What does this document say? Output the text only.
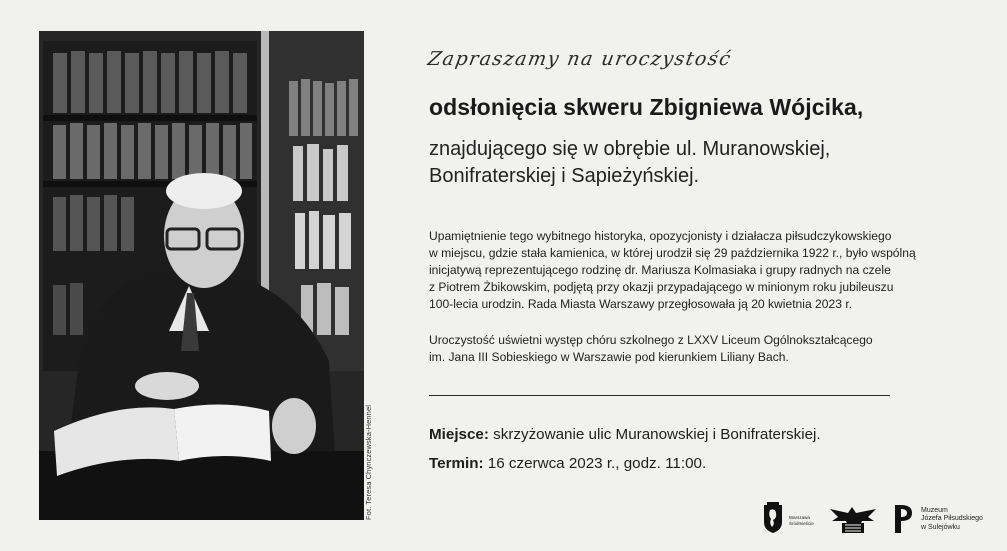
Fot. Teresa Chynczewska-Hennel
Zapraszamy na uroczystość
odsłonięcia skweru Zbigniewa Wójcika,
znajdującego się w obrębie ul. Muranowskiej,
Bonifraterskiej i Sapieżyńskiej.
Upamiętnienie tego wybitnego historyka, opozycjonisty i działacza piłsudczykowskiego
w miejscu, gdzie stała kamienica, w której urodził się 29 października 1922 r., było wspólną
inicjatywą reprezentującego rodzinę dr. Mariusza Kolmasiaka i grupy radnych na czele
z Piotrem Żbikowskim, podjętą przy okazji przypadającego w minionym roku jubileuszu
100-lecia urodzin. Rada Miasta Warszawy przegłosowała ją 20 kwietnia 2023 r.
Uroczystość uświetni występ chóru szkolnego z LXXV Liceum Ogólnokształcącego
im. Jana III Sobieskiego w Warszawie pod kierunkiem Liliany Bach.
Miejsce: skrzyżowanie ulic Muranowskiej i Bonifraterskiej.
Termin: 16 czerwca 2023 r., godz. 11:00.
Warszawa
Śródmieście
Muzeum
Józefa Piłsudskiego
w Sulejówku
